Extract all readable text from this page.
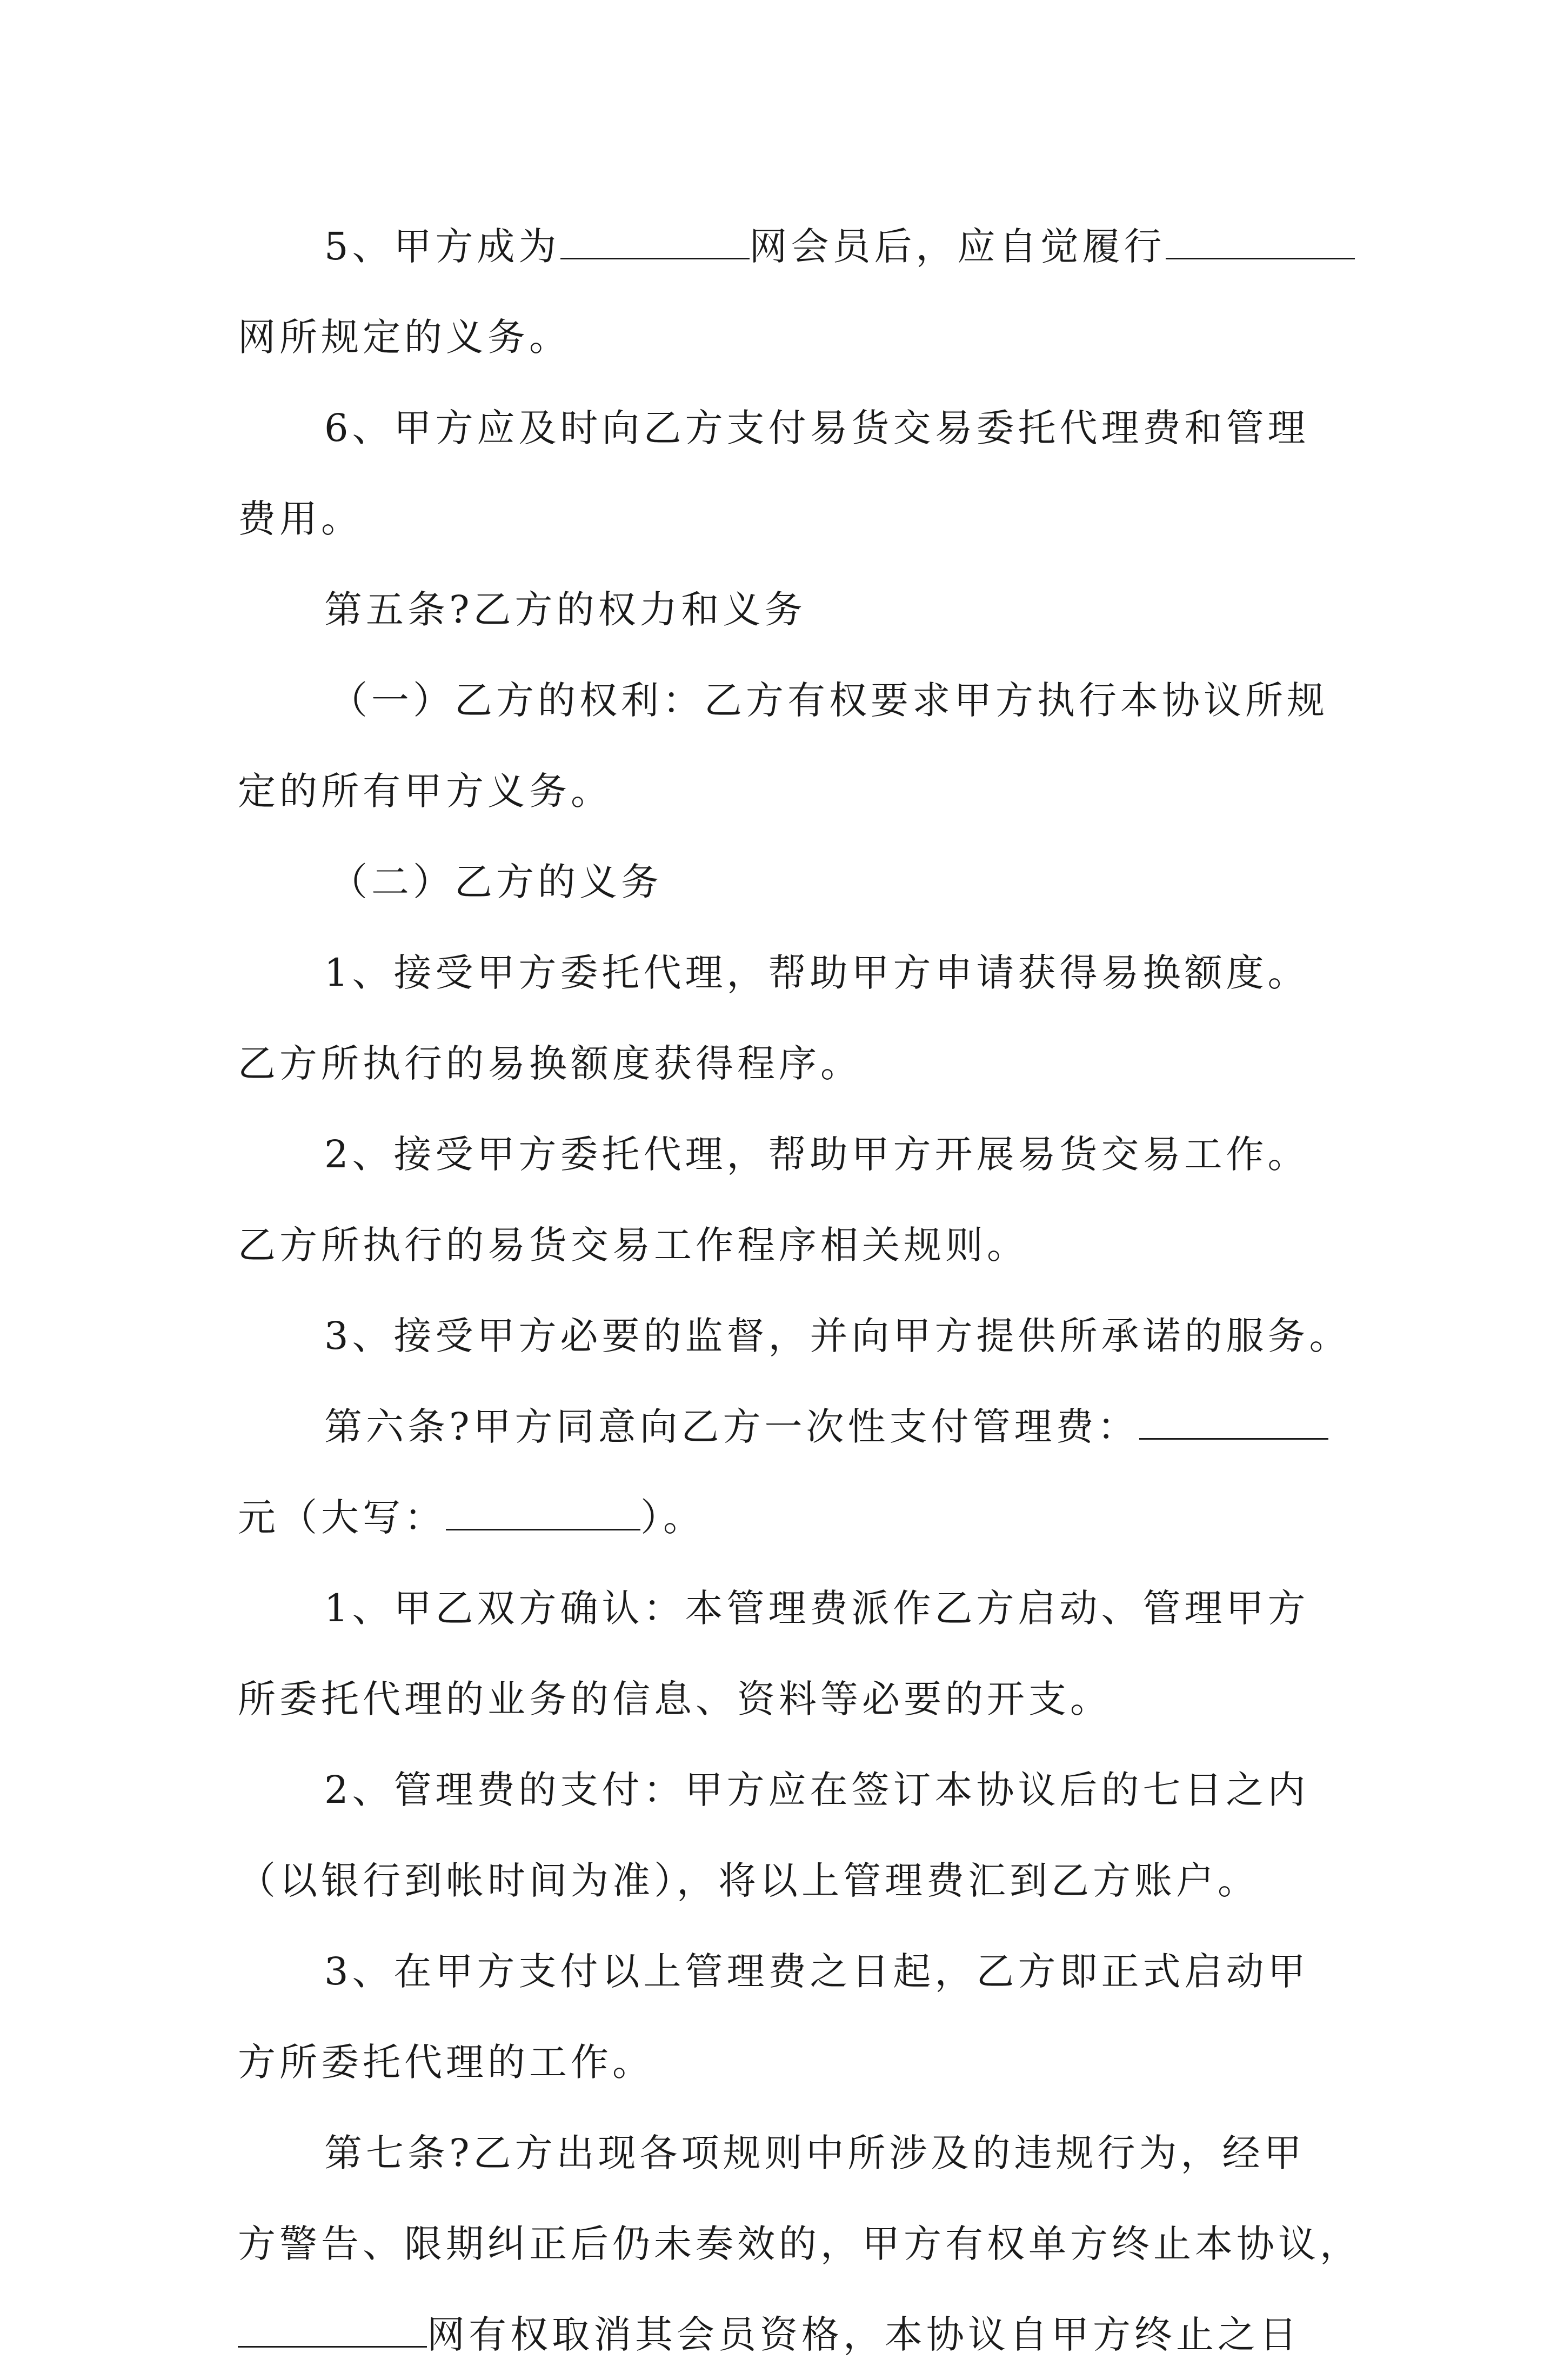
5、甲方成为	网会员后，应自觉履行
网所规定的义务。
6、甲方应及时向乙方支付易货交易委托代理费和管理
费用。
第五条?乙方的权力和义务
（一）乙方的权利：乙方有权要求甲方执行本协议所规
定的所有甲方义务。
（二）乙方的义务
1、接受甲方委托代理，帮助甲方申请获得易换额度。
乙方所执行的易换额度获得程序。
2、接受甲方委托代理，帮助甲方开展易货交易工作。
乙方所执行的易货交易工作程序相关规则。
3、接受甲方必要的监督，并向甲方提供所承诺的服务。
第六条?甲方同意向乙方一次性支付管理费：
元（大写：	）。
1、甲乙双方确认：本管理费派作乙方启动、管理甲方
所委托代理的业务的信息、资料等必要的开支。
2、管理费的支付：甲方应在签订本协议后的七日之内
（以银行到帐时间为准），将以上管理费汇到乙方账户。
3、在甲方支付以上管理费之日起，乙方即正式启动甲
方所委托代理的工作。
第七条?乙方出现各项规则中所涉及的违规行为，经甲
方警告、限期纠正后仍未奏效的，甲方有权单方终止本协议，
网有权取消其会员资格，本协议自甲方终止之日
